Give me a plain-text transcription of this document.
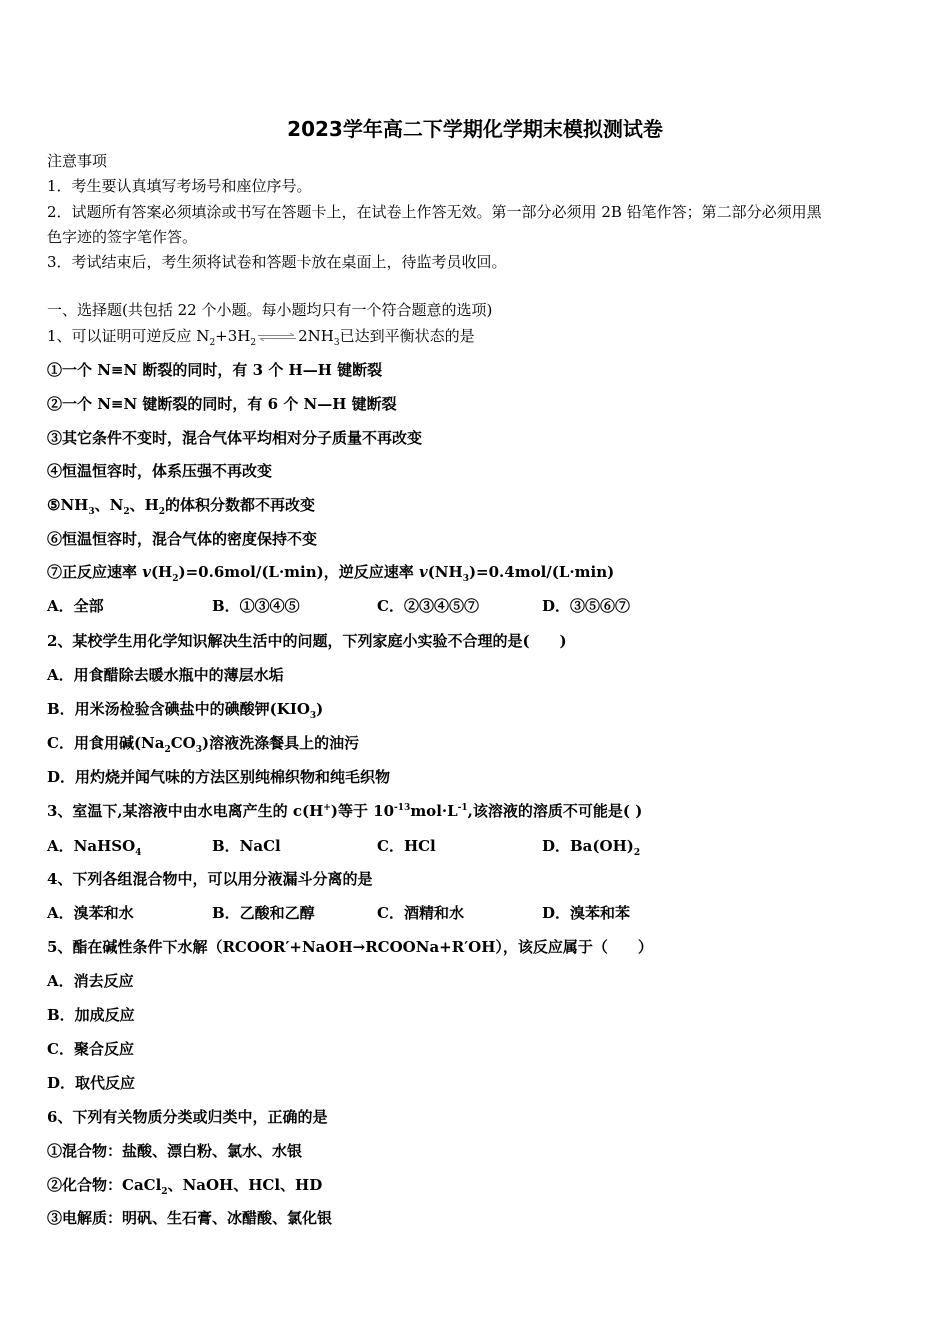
2023学年高二下学期化学期末模拟测试卷
注意事项
1．考生要认真填写考场号和座位序号。
2．试题所有答案必须填涂或书写在答题卡上，在试卷上作答无效。第一部分必须用 2B 铅笔作答；第二部分必须用黑
色字迹的签字笔作答。
3．考试结束后，考生须将试卷和答题卡放在桌面上，待监考员收回。
一、选择题(共包括 22 个小题。每小题均只有一个符合题意的选项)
1、可以证明可逆反应 $N_2+3H_2$ $\rightleftharpoons 2NH_3$已达到平衡状态的是
①一个 N≡N 断裂的同时，有 3 个 H—H 键断裂
②一个 N≡N 键断裂的同时，有 6 个 N—H 键断裂
③其它条件不变时，混合气体平均相对分子质量不再改变
④恒温恒容时，体系压强不再改变
$⑤NH_3$、$N_2$、$H_2$的体积分数都不再改变
⑥恒温恒容时，混合气体的密度保持不变
⑦正反应速率 $v(H_2)=0.6mol/(L\cdot\min)$，逆反应速率 $v(NH_3)=0.4mol/(L\cdot\min)$
A．全部	B．①③④⑤	C．②③④⑤⑦	D．③⑤⑥⑦
2、某校学生用化学知识解决生活中的问题，下列家庭小实验不合理的是(　　)
A．用食醋除去暖水瓶中的薄层水垢
B．用米汤检验含碘盐中的碘酸钾$(KIO_3)$
C．用食用碱$(Na_2CO_3)$溶液洗涤餐具上的油污
D．用灼烧并闻气味的方法区别纯棉织物和纯毛织物
3、室温下,某溶液中由水电离产生的 c(H+)等于 $10^{-13}mol\cdot L^{-1}$,该溶液的溶质不可能是( )
A．NaHSO$_4$	B．NaCl	C．HCl	D．$Ba(OH)_2$
4、下列各组混合物中，可以用分液漏斗分离的是
A．溴苯和水	B．乙酸和乙醇	C．酒精和水	D．溴苯和苯
5、酯在碱性条件下水解（RCOOR′+NaOH→RCOONa+R′OH），该反应属于（　　）
A．消去反应
B．加成反应
C．聚合反应
D．取代反应
6、下列有关物质分类或归类中，正确的是
①混合物：盐酸、漂白粉、氯水、水银
②化合物：CaCl$_2$、NaOH、HCl、HD
③电解质：明矾、生石膏、冰醋酸、氯化银
